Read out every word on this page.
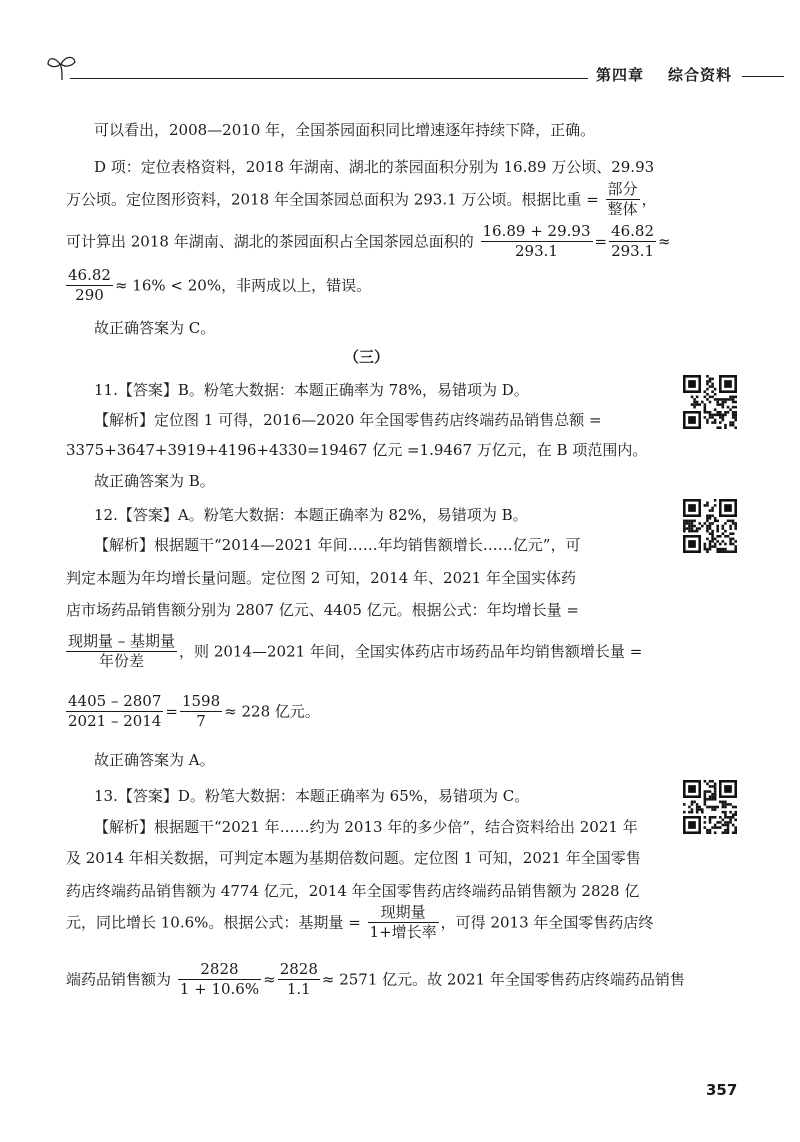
第四章 综合资料
可以看出，2008—2010 年，全国茶园面积同比增速逐年持续下降，正确。
D 项：定位表格资料，2018 年湖南、湖北的茶园面积分别为 16.89 万公顷、29.93
万公顷。定位图形资料，2018 年全国茶园总面积为 293.1 万公顷。根据比重 = $\frac{\text{部分}}{\text{整体}}$ ，
可计算出 2018 年湖南、湖北的茶园面积占全国茶园总面积的 $\frac{16.89 + 29.93}{293.1} = \frac{46.82}{293.1}$ ≈
$\frac{46.82}{290} \approx 16\% < 20\%$，非两成以上，错误。
故正确答案为 C。
（三）
11.【答案】B。粉笔大数据：本题正确率为 78%，易错项为 D。
【解析】定位图 1 可得，2016—2020 年全国零售药店终端药品销售总额 =
3375+3647+3919+4196+4330=19467 亿元 =1.9467 万亿元，在 B 项范围内。
故正确答案为 B。
12.【答案】A。粉笔大数据：本题正确率为 82%，易错项为 B。
【解析】根据题干“2014—2021 年间……年均销售额增长……亿元”，可
判定本题为年均增长量问题。定位图 2 可知，2014 年、2021 年全国实体药
店市场药品销售额分别为 2807 亿元、4405 亿元。根据公式：年均增长量 =
$\frac{\text{现期量 – 基期量}}{\text{年份差}}$ ，则 2014—2021 年间，全国实体药店市场药品年均销售额增长量 =
$\frac{4405 - 2807}{2021 - 2014} = \frac{1598}{7} \approx 228$ 亿元。
故正确答案为 A。
13.【答案】D。粉笔大数据：本题正确率为 65%，易错项为 C。
【解析】根据题干“2021 年……约为 2013 年的多少倍”，结合资料给出 2021 年
及 2014 年相关数据，可判定本题为基期倍数问题。定位图 1 可知，2021 年全国零售
药店终端药品销售额为 4774 亿元，2014 年全国零售药店终端药品销售额为 2828 亿
元，同比增长 10.6%。根据公式：基期量 = $\frac{\text{现期量}}{\text{1+增长率}}$ ，可得 2013 年全国零售药店终
端药品销售额为 $\frac{2828}{1 + 10.6\%} \approx \frac{2828}{1.1} \approx 2571$ 亿元。故 2021 年全国零售药店终端药品销售
357
